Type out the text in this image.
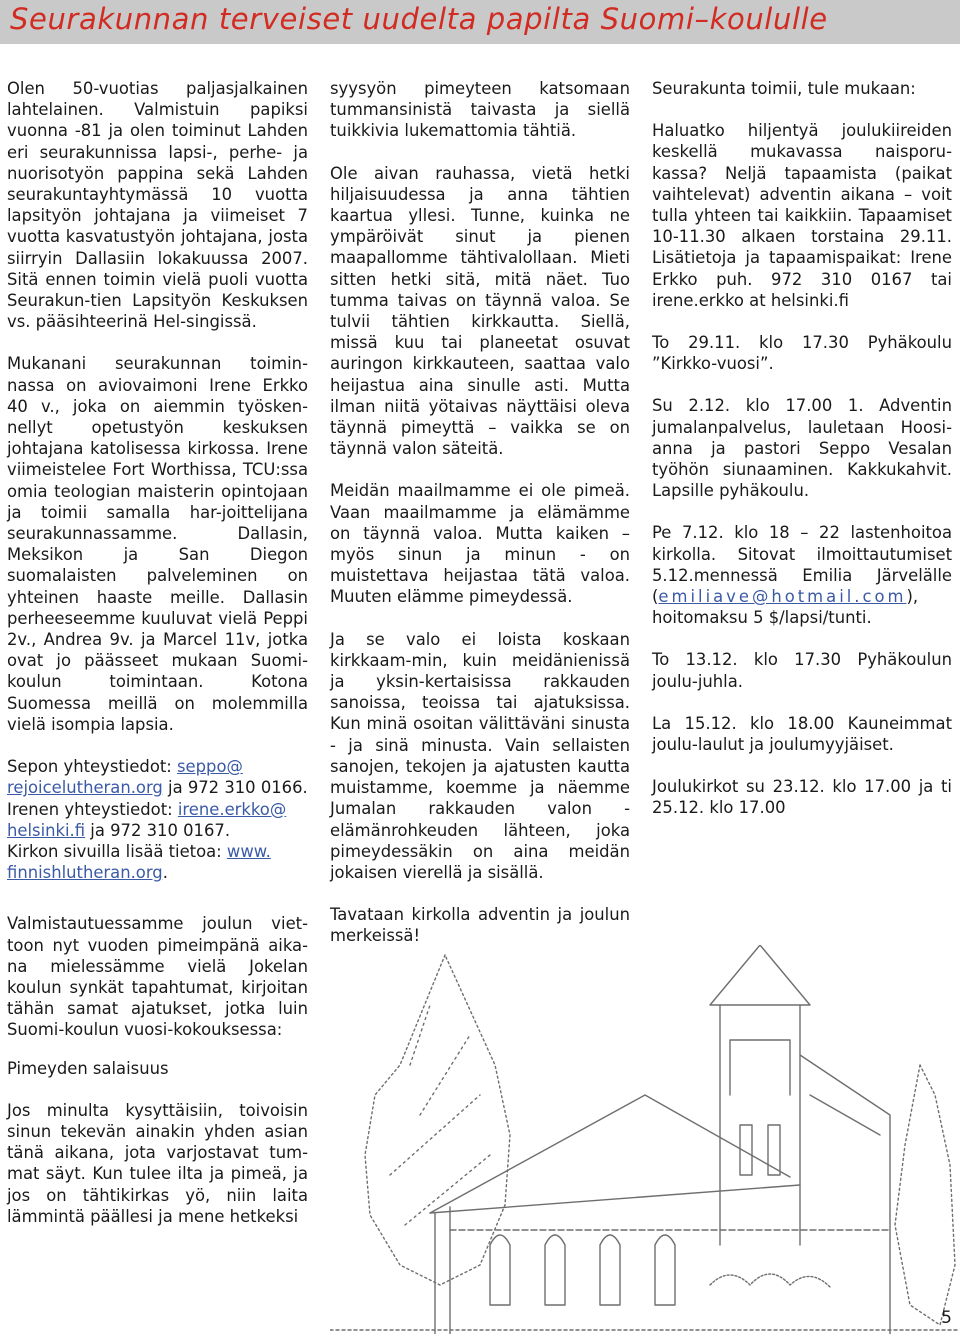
Seurakunnan terveiset uudelta papilta Suomi–koululle

Olen 50-vuotias paljasjalkainen lahtelainen. Valmistuin papiksi vuonna -81 ja olen toiminut Lahden eri seurakunnissa lapsi-, perhe- ja nuorisotyön pappina sekä Lahden seurakuntayhtymässä 10 vuotta lapsityön johtajana ja viimeiset 7 vuotta kasvatustyön johtajana, josta siirryin Dallasiin lokakuussa 2007. Sitä ennen toimin vielä puoli vuotta Seurakun-tien Lapsityön Keskuksen vs. pääsihteerinä Hel-singissä.

Mukanani seurakunnan toimin-nassa on aviovaimoni Irene Erkko 40 v., joka on aiemmin työsken-nellyt opetustyön keskuksen johtajana katolisessa kirkossa. Irene viimeistelee Fort Worthissa, TCU:ssa omia teologian maisterin opintojaan ja toimii samalla har-joittelijana seurakunnassamme. Dallasin, Meksikon ja San Diegon suomalaisten palveleminen on yhteinen haaste meille. Dallasin perheeseemme kuuluvat vielä Peppi 2v., Andrea 9v. ja Marcel 11v, jotka ovat jo päässeet mukaan Suomi-koulun toimintaan. Kotona Suomessa meillä on molemmilla vielä isompia lapsia.

Sepon yhteystiedot: seppo@ rejoicelutheran.org ja 972 310 0166.
Irenen yhteystiedot: irene.erkko@ helsinki.fi ja 972 310 0167.
Kirkon sivuilla lisää tietoa: www. finnishlutheran.org.

Valmistautuessamme joulun viet-toon nyt vuoden pimeimpänä aika-na mielessämme vielä Jokelan koulun synkät tapahtumat, kirjoitan tähän samat ajatukset, jotka luin Suomi-koulun vuosi-kokouksessa:

Pimeyden salaisuus

Jos minulta kysyttäisiin, toivoisin sinun tekevän ainakin yhden asian tänä aikana, jota varjostavat tum-mat säyt. Kun tulee ilta ja pimeä, ja jos on tähtikirkas yö, niin laita lämmintä päällesi ja mene hetkeksi

syysyön pimeyteen katsomaan tummansinistä taivasta ja siellä tuikkivia lukemattomia tähtiä.

Ole aivan rauhassa, vietä hetki hiljaisuudessa ja anna tähtien kaartua yllesi. Tunne, kuinka ne ympäröivät sinut ja pienen maapallomme tähtivalollaan. Mieti sitten hetki sitä, mitä näet. Tuo tumma taivas on täynnä valoa. Se tulvii tähtien kirkkautta. Siellä, missä kuu tai planeetat osuvat auringon kirkkauteen, saattaa valo heijastua aina sinulle asti. Mutta ilman niitä yötaivas näyttäisi oleva täynnä pimeyttä – vaikka se on täynnä valon säteitä.

Meidän maailmamme ei ole pimeä. Vaan maailmamme ja elämämme on täynnä valoa. Mutta kaiken – myös sinun ja minun - on muistettava heijastaa tätä valoa. Muuten elämme pimeydessä.

Ja se valo ei loista koskaan kirkkaam-min, kuin meidänienissä ja yksin-kertaisissa rakkauden sanoissa, teoissa tai ajatuksissa. Kun minä osoitan välittäväni sinusta - ja sinä minusta. Vain sellaisten sanojen, tekojen ja ajatusten kautta muistamme, koemme ja näemme Jumalan rakkauden valon - elämänrohkeuden lähteen, joka pimeydessäkin on aina meidän jokaisen vierellä ja sisällä.

Tavataan kirkolla adventin ja joulun merkeissä!

Seurakunta toimii, tule mukaan:

Haluatko hiljentyä joulukiireiden keskellä mukavassa naisporu-kassa? Neljä tapaamista (paikat vaihtelevat) adventin aikana – voit tulla yhteen tai kaikkiin. Tapaamiset 10-11.30 alkaen torstaina 29.11. Lisätietoja ja tapaamispaikat: Irene Erkko puh. 972 310 0167 tai irene.erkko at helsinki.fi

To 29.11. klo 17.30 Pyhäkoulu ”Kirkko-vuosi”.

Su 2.12. klo 17.00 1. Adventin jumalanpalvelus, lauletaan Hoosi-anna ja pastori Seppo Vesalan työhön siunaaminen. Kakkukahvit. Lapsille pyhäkoulu.

Pe 7.12. klo 18 – 22 lastenhoitoa kirkolla. Sitovat ilmoittautumiset 5.12.mennessä Emilia Järvelälle (emiliave@hotmail.com), hoitomaksu 5 $/lapsi/tunti.

To 13.12. klo 17.30 Pyhäkoulun joulu-juhla.

La 15.12. klo 18.00 Kauneimmat joulu-laulut ja joulumyyjäiset.

Joulukirkot su 23.12. klo 17.00 ja ti 25.12. klo 17.00

5
